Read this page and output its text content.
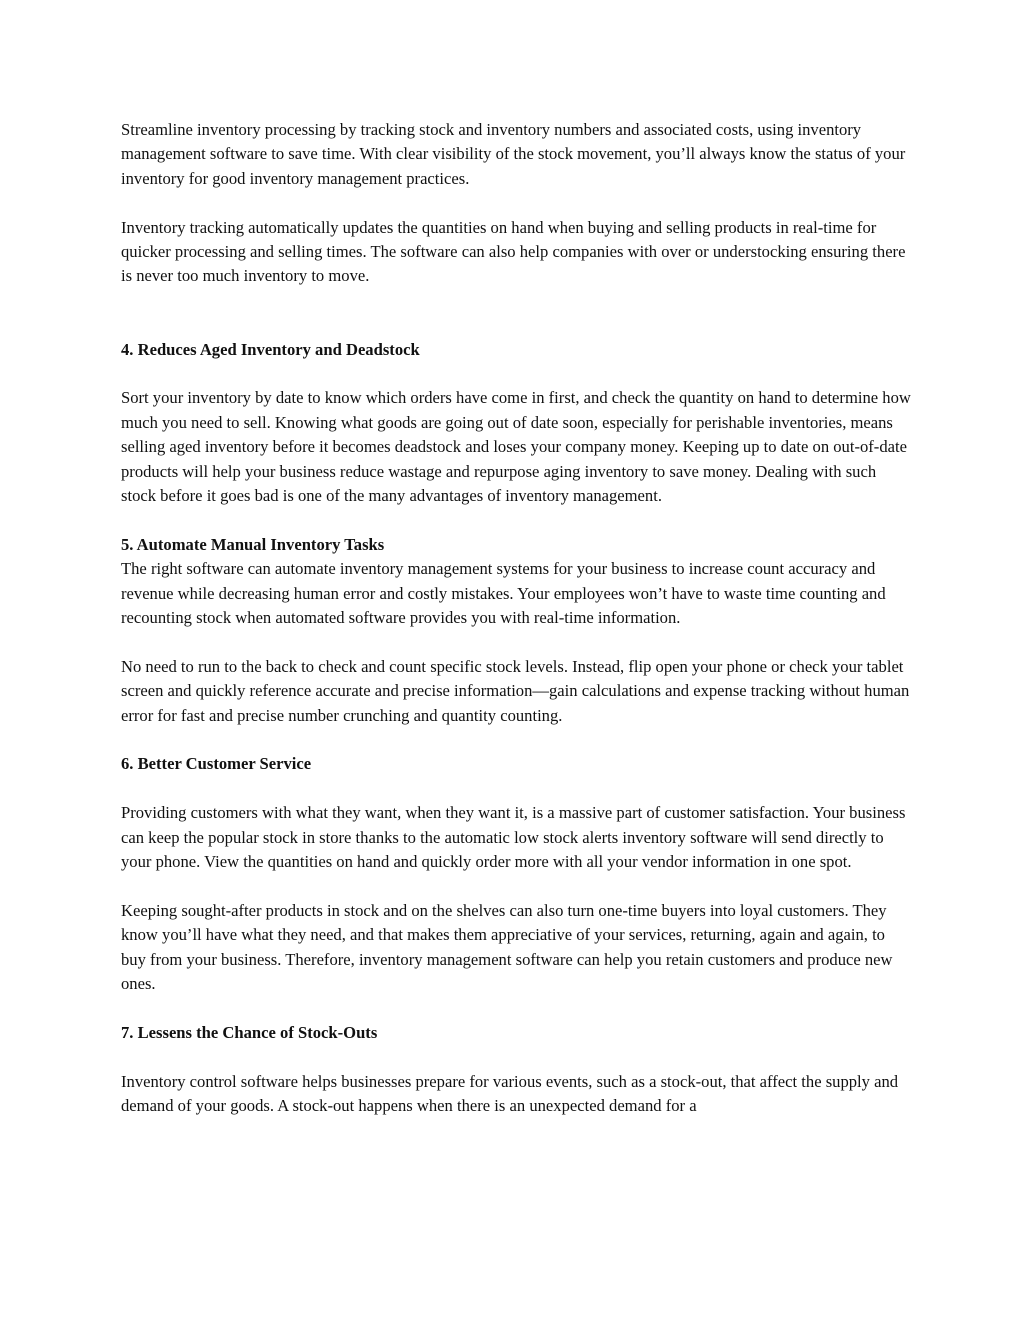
Streamline inventory processing by tracking stock and inventory numbers and associated costs, using inventory management software to save time. With clear visibility of the stock movement, you’ll always know the status of your inventory for good inventory management practices.

Inventory tracking automatically updates the quantities on hand when buying and selling products in real-time for quicker processing and selling times. The software can also help companies with over or understocking ensuring there is never too much inventory to move.

4. Reduces Aged Inventory and Deadstock

Sort your inventory by date to know which orders have come in first, and check the quantity on hand to determine how much you need to sell. Knowing what goods are going out of date soon, especially for perishable inventories, means selling aged inventory before it becomes deadstock and loses your company money. Keeping up to date on out-of-date products will help your business reduce wastage and repurpose aging inventory to save money. Dealing with such stock before it goes bad is one of the many advantages of inventory management.

5. Automate Manual Inventory Tasks

The right software can automate inventory management systems for your business to increase count accuracy and revenue while decreasing human error and costly mistakes. Your employees won’t have to waste time counting and recounting stock when automated software provides you with real-time information.

No need to run to the back to check and count specific stock levels. Instead, flip open your phone or check your tablet screen and quickly reference accurate and precise information—gain calculations and expense tracking without human error for fast and precise number crunching and quantity counting.

6. Better Customer Service

Providing customers with what they want, when they want it, is a massive part of customer satisfaction. Your business can keep the popular stock in store thanks to the automatic low stock alerts inventory software will send directly to your phone. View the quantities on hand and quickly order more with all your vendor information in one spot.

Keeping sought-after products in stock and on the shelves can also turn one-time buyers into loyal customers. They know you’ll have what they need, and that makes them appreciative of your services, returning, again and again, to buy from your business. Therefore, inventory management software can help you retain customers and produce new ones.

7. Lessens the Chance of Stock-Outs

Inventory control software helps businesses prepare for various events, such as a stock-out, that affect the supply and demand of your goods. A stock-out happens when there is an unexpected demand for a
